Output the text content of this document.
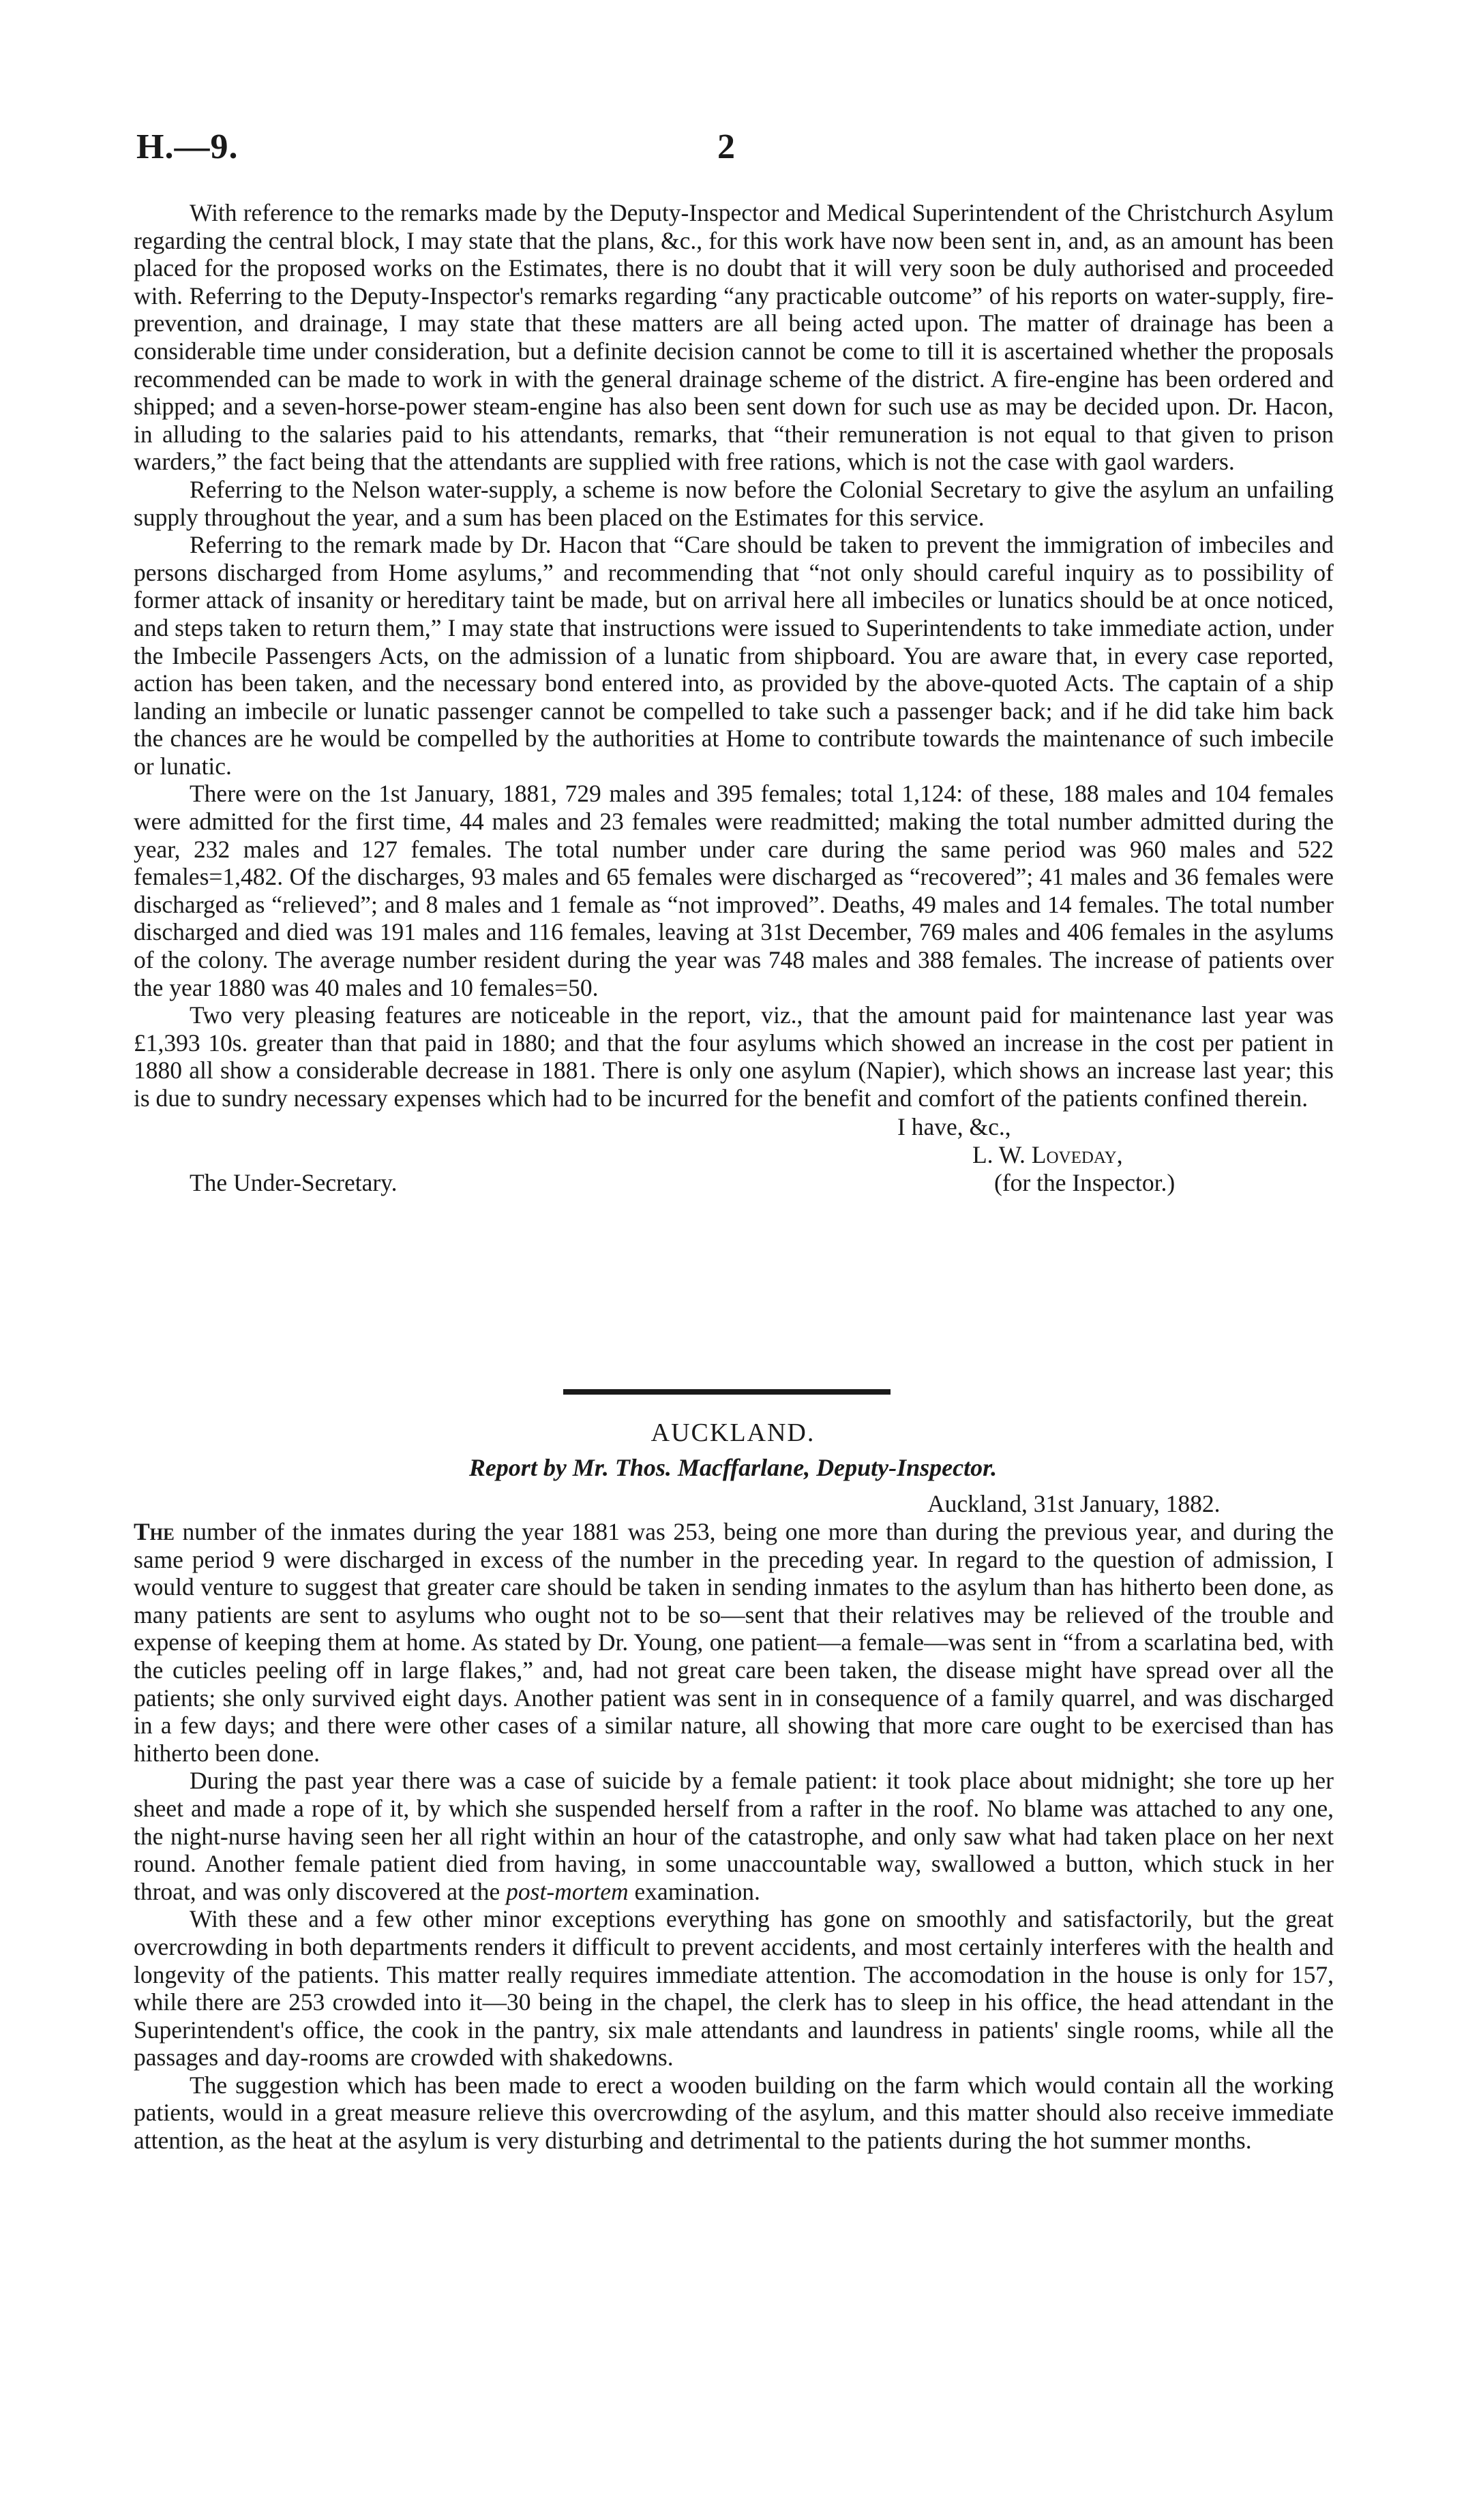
H.—9.	2

With reference to the remarks made by the Deputy-Inspector and Medical Superintendent of the Christchurch Asylum regarding the central block, I may state that the plans, &c., for this work have now been sent in, and, as an amount has been placed for the proposed works on the Estimates, there is no doubt that it will very soon be duly authorised and proceeded with. Referring to the Deputy-Inspector's remarks regarding “any practicable outcome” of his reports on water-supply, fire-prevention, and drainage, I may state that these matters are all being acted upon. The matter of drainage has been a considerable time under consideration, but a definite decision cannot be come to till it is ascertained whether the proposals recommended can be made to work in with the general drainage scheme of the district. A fire-engine has been ordered and shipped; and a seven-horse-power steam-engine has also been sent down for such use as may be decided upon. Dr. Hacon, in alluding to the salaries paid to his attendants, remarks, that “their remuneration is not equal to that given to prison warders,” the fact being that the attendants are supplied with free rations, which is not the case with gaol warders.

Referring to the Nelson water-supply, a scheme is now before the Colonial Secretary to give the asylum an unfailing supply throughout the year, and a sum has been placed on the Estimates for this service.

Referring to the remark made by Dr. Hacon that “Care should be taken to prevent the immigration of imbeciles and persons discharged from Home asylums,” and recommending that “not only should careful inquiry as to possibility of former attack of insanity or hereditary taint be made, but on arrival here all imbeciles or lunatics should be at once noticed, and steps taken to return them,” I may state that instructions were issued to Superintendents to take immediate action, under the Imbecile Passengers Acts, on the admission of a lunatic from shipboard. You are aware that, in every case reported, action has been taken, and the necessary bond entered into, as provided by the above-quoted Acts. The captain of a ship landing an imbecile or lunatic passenger cannot be compelled to take such a passenger back; and if he did take him back the chances are he would be compelled by the authorities at Home to contribute towards the maintenance of such imbecile or lunatic.

There were on the 1st January, 1881, 729 males and 395 females; total 1,124: of these, 188 males and 104 females were admitted for the first time, 44 males and 23 females were readmitted; making the total number admitted during the year, 232 males and 127 females. The total number under care during the same period was 960 males and 522 females=1,482. Of the discharges, 93 males and 65 females were discharged as “recovered”; 41 males and 36 females were discharged as “relieved”; and 8 males and 1 female as “not improved”. Deaths, 49 males and 14 females. The total number discharged and died was 191 males and 116 females, leaving at 31st December, 769 males and 406 females in the asylums of the colony. The average number resident during the year was 748 males and 388 females. The increase of patients over the year 1880 was 40 males and 10 females=50.

Two very pleasing features are noticeable in the report, viz., that the amount paid for maintenance last year was £1,393 10s. greater than that paid in 1880; and that the four asylums which showed an increase in the cost per patient in 1880 all show a considerable decrease in 1881. There is only one asylum (Napier), which shows an increase last year; this is due to sundry necessary expenses which had to be incurred for the benefit and comfort of the patients confined therein.

I have, &c.,
L. W. Loveday,
The Under-Secretary.	(for the Inspector.)
AUCKLAND.
Report by Mr. Thos. Macffarlane, Deputy-Inspector.
Auckland, 31st January, 1882.

The number of the inmates during the year 1881 was 253, being one more than during the previous year, and during the same period 9 were discharged in excess of the number in the preceding year. In regard to the question of admission, I would venture to suggest that greater care should be taken in sending inmates to the asylum than has hitherto been done, as many patients are sent to asylums who ought not to be so—sent that their relatives may be relieved of the trouble and expense of keeping them at home. As stated by Dr. Young, one patient—a female—was sent in “from a scarlatina bed, with the cuticles peeling off in large flakes,” and, had not great care been taken, the disease might have spread over all the patients; she only survived eight days. Another patient was sent in in consequence of a family quarrel, and was discharged in a few days; and there were other cases of a similar nature, all showing that more care ought to be exercised than has hitherto been done.

During the past year there was a case of suicide by a female patient: it took place about midnight; she tore up her sheet and made a rope of it, by which she suspended herself from a rafter in the roof. No blame was attached to any one, the night-nurse having seen her all right within an hour of the catastrophe, and only saw what had taken place on her next round. Another female patient died from having, in some unaccountable way, swallowed a button, which stuck in her throat, and was only discovered at the post-mortem examination.

With these and a few other minor exceptions everything has gone on smoothly and satisfactorily, but the great overcrowding in both departments renders it difficult to prevent accidents, and most certainly interferes with the health and longevity of the patients. This matter really requires immediate attention. The accomodation in the house is only for 157, while there are 253 crowded into it—30 being in the chapel, the clerk has to sleep in his office, the head attendant in the Superintendent's office, the cook in the pantry, six male attendants and laundress in patients' single rooms, while all the passages and day-rooms are crowded with shakedowns.

The suggestion which has been made to erect a wooden building on the farm which would contain all the working patients, would in a great measure relieve this overcrowding of the asylum, and this matter should also receive immediate attention, as the heat at the asylum is very disturbing and detrimental to the patients during the hot summer months.
